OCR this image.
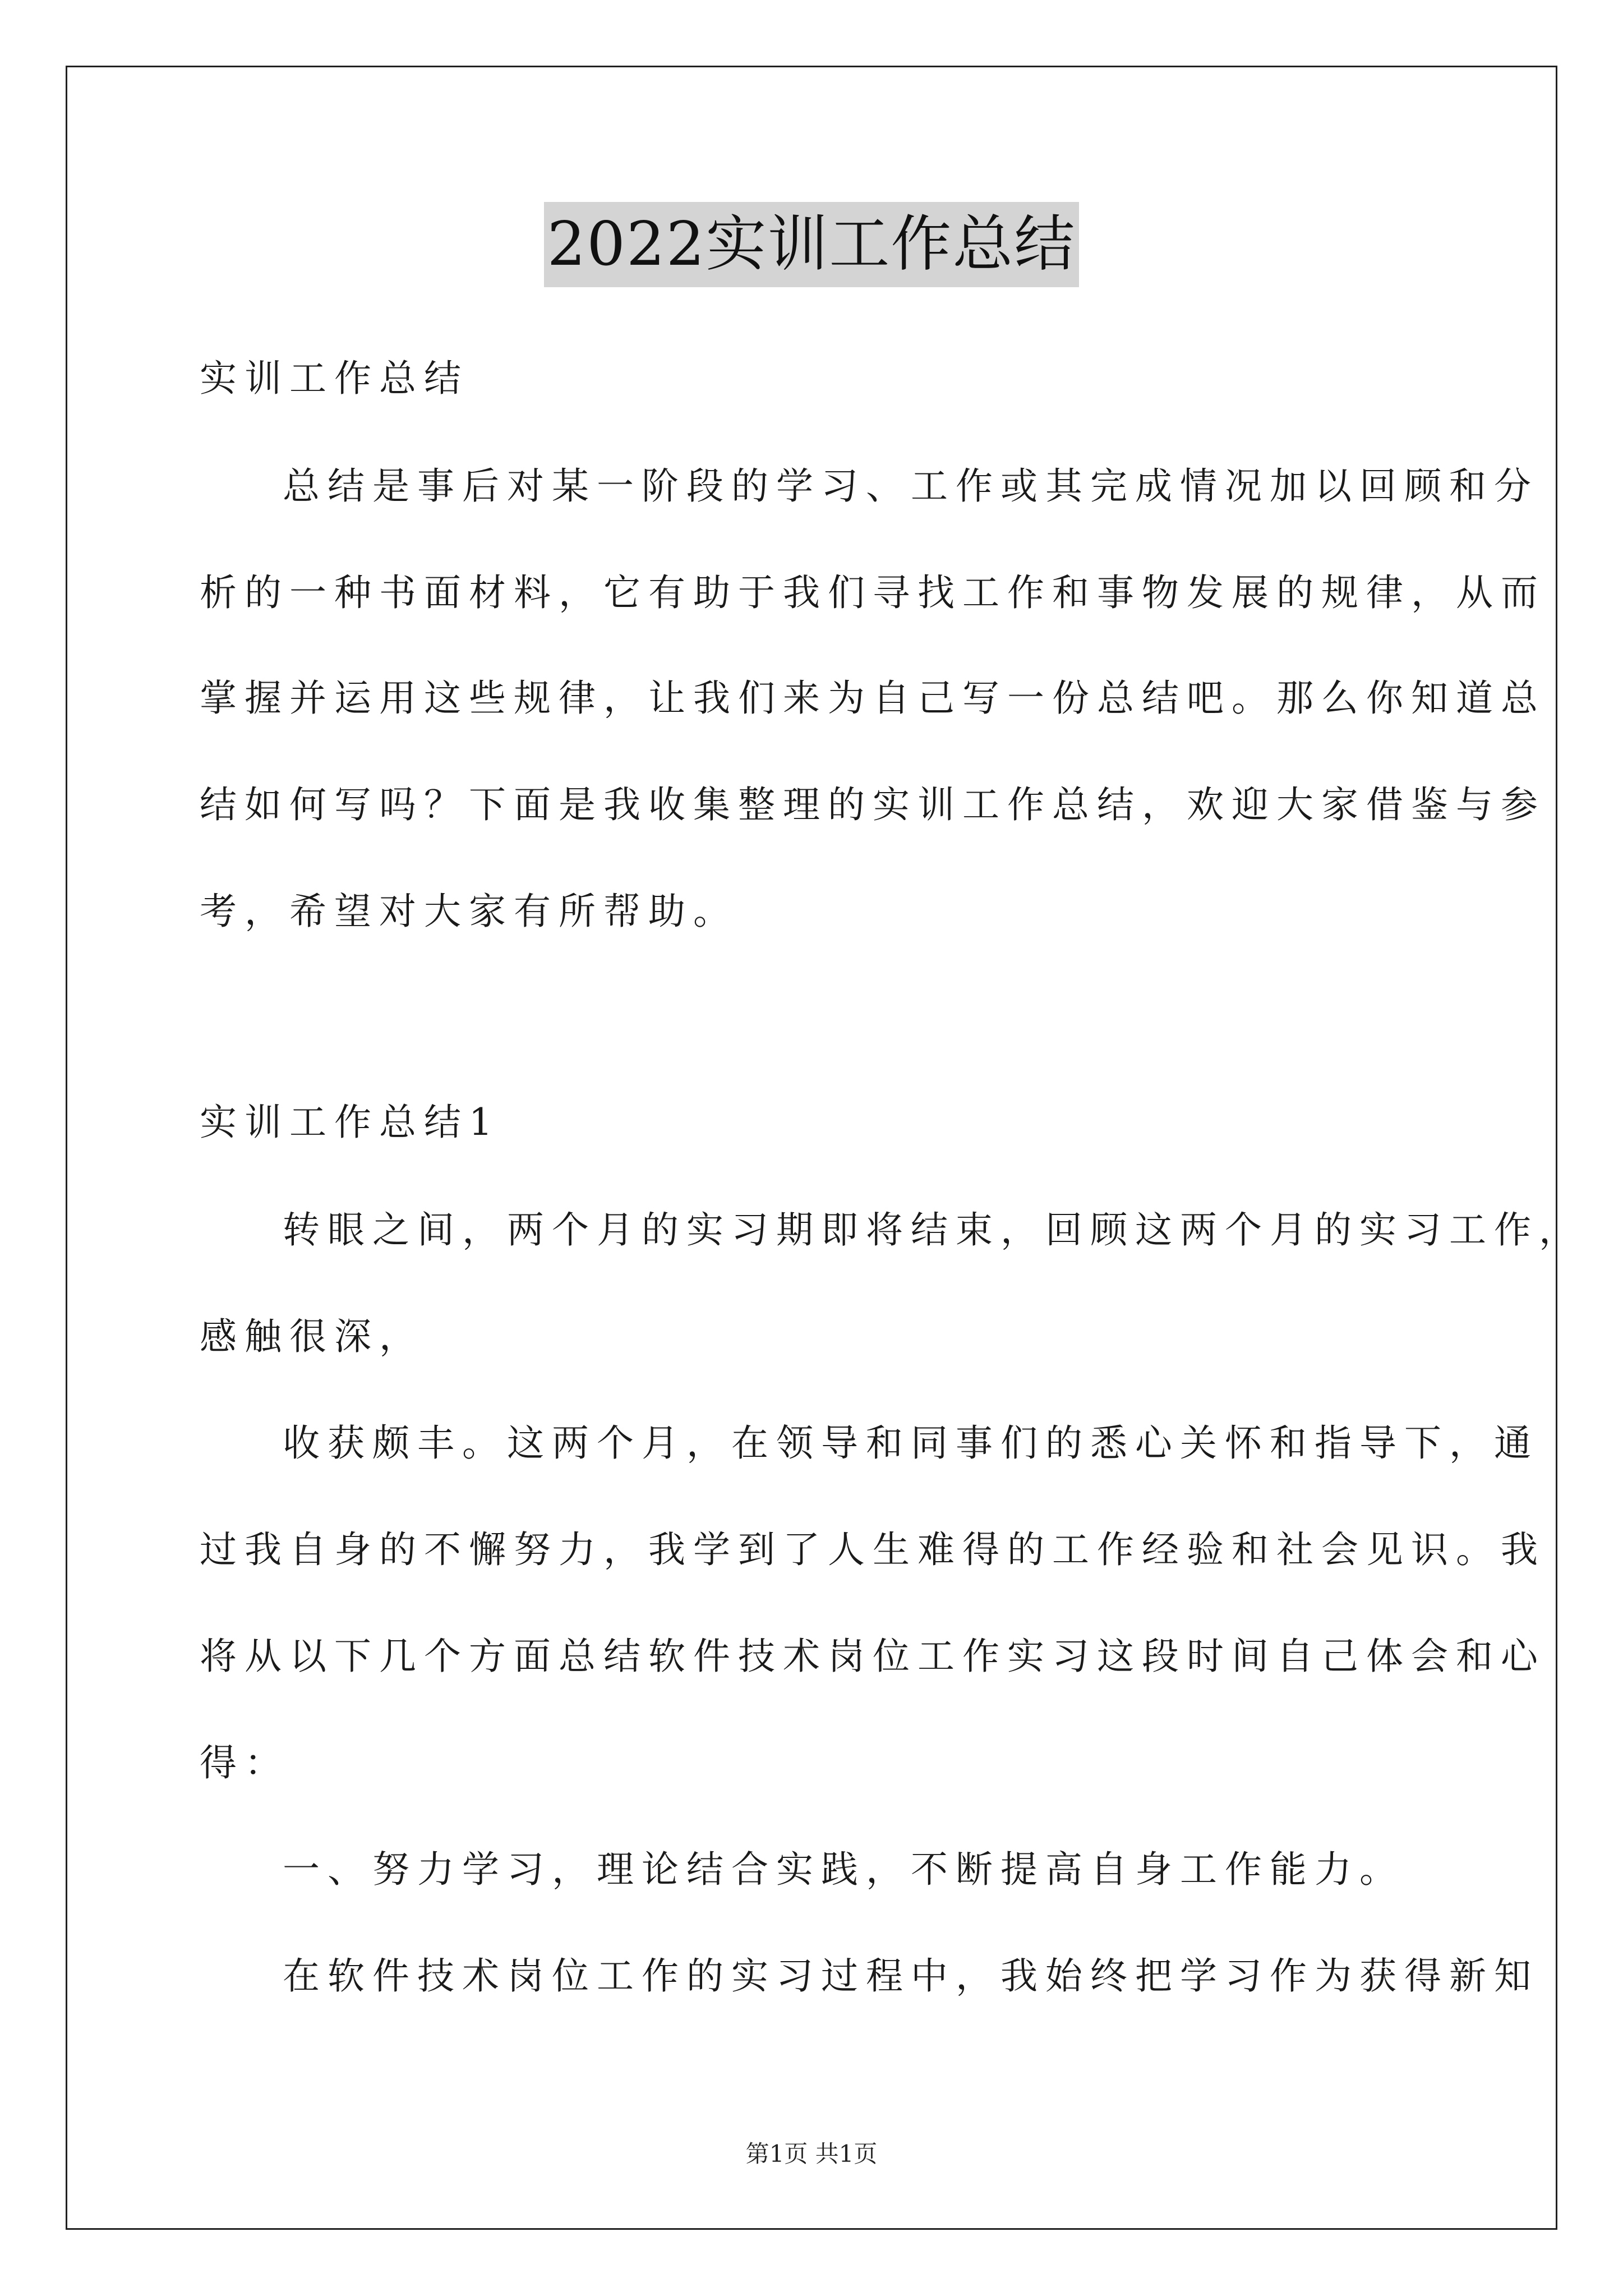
2022实训工作总结
实训工作总结
总结是事后对某一阶段的学习、工作或其完成情况加以回顾和分
析的一种书面材料，它有助于我们寻找工作和事物发展的规律，从而
掌握并运用这些规律，让我们来为自己写一份总结吧。那么你知道总
结如何写吗？下面是我收集整理的实训工作总结，欢迎大家借鉴与参
考，希望对大家有所帮助。
实训工作总结1
转眼之间，两个月的实习期即将结束，回顾这两个月的实习工作，
感触很深，
收获颇丰。这两个月，在领导和同事们的悉心关怀和指导下，通
过我自身的不懈努力，我学到了人生难得的工作经验和社会见识。我
将从以下几个方面总结软件技术岗位工作实习这段时间自己体会和心
得：
一、努力学习，理论结合实践，不断提高自身工作能力。
在软件技术岗位工作的实习过程中，我始终把学习作为获得新知
第1页 共1页
